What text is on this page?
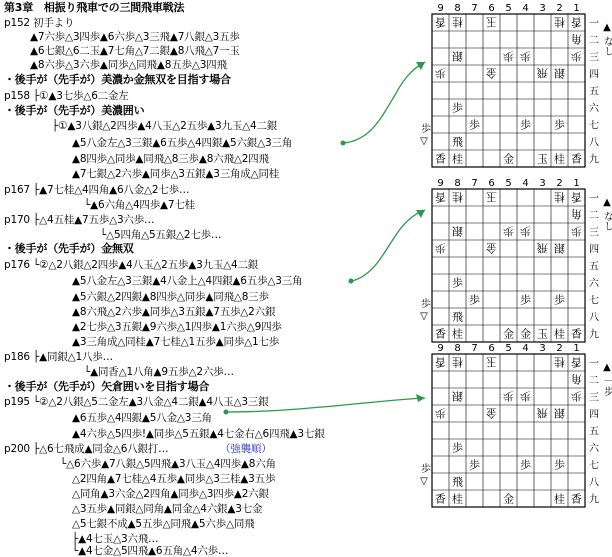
第3章　相振り飛車での三間飛車戦法
p152 初手より
▲7六歩△3四歩▲6六歩△3三飛▲7八銀△3五歩
▲6七銀△6二玉▲7七角△7二銀▲8八飛△7一玉
▲8六歩△3六歩▲同歩△同飛▲8五歩△3四飛
・後手が（先手が）美濃か金無双を目指す場合
p158 ├①▲3七歩△6二金左
・後手が（先手が）美濃囲い
├①▲3八銀△2四歩▲4八玉△2五歩▲3九玉△4二銀
▲5八金左△3三銀▲6五歩△4四銀▲5六銀△3三角
▲8四歩△同歩▲同飛△8三歩▲8六飛△2四飛
▲7七銀△2六歩▲同歩△3五銀▲3三角成△同桂
p167 ├▲7七桂△4四角▲6八金△2七歩…
└▲6六角△4四歩▲7七桂
p170 ├△4五桂▲7五歩△3六歩…
└△5四角△5五銀△2七歩…
・後手が（先手が）金無双
p176 └②△2八銀△2四歩▲4八玉△2五歩▲3九玉△4二銀
▲5八金左△3三銀▲4八金上△4四銀▲6五歩△3三角
▲5六銀△2四銀▲8四歩△同歩▲同飛△8三歩
▲8六飛△2六歩▲同歩△3五銀▲7五歩△2六銀
▲2七歩△3五銀▲9六歩△1四歩▲1六歩△9四歩
▲3三角成△同桂▲7七桂△1五歩▲同歩△1七歩
p186 ├▲同銀△1八歩…
└▲同香△1八角▲9五歩△2六歩…
・後手が（先手が）矢倉囲いを目指す場合
p195 └②△2八銀△5二金左▲3八金△4二銀▲4八玉△3三銀
▲6五歩△4四銀▲5八金△3三角
▲4六歩△5四歩!▲同歩△5五銀▲4七金右△6四飛▲3七銀
p200 ├△6七飛成▲同金△6八銀打…	（強襲順）
└△6六歩▲7八銀△5四飛▲3八玉△4四歩▲8六角
△2四角▲7七桂△4五歩▲同歩△3三桂▲3五歩
△同角▲3六金△2四角▲同歩△3四歩▲2六銀
△3五歩▲同銀△同角▲同金△4六銀▲3七金
△5七銀不成▲5五歩△同飛▲5六歩△同飛
├▲4七玉△3六飛…
└▲4七金△5四飛▲6五角△4六歩…
9 8 7 6 5 4 3 2 1
一
二
三
四
五
六
七
八
九
香 桂 玉	桂 香
角
銀	歩 歩	歩
歩	金	飛 銀
歩
歩	歩 歩
飛
香 桂	金 玉 桂 香
▲ なし
歩 ▽
9 8 7 6 5 4 3 2 1
一
二
三
四
五
六
七
八
九
香 桂 玉	桂 香
角
銀	歩 歩	歩
歩	金	飛 銀
歩
歩	歩 歩
飛
香 桂	金 金 玉 桂 香
▲ なし
歩 ▽
9 8 7 6 5 4 3 2 1
一
二
三
四
五
六
七
八
九
香 桂 玉	桂 香
角
銀	歩 歩	歩
歩	金	飛 銀
歩
歩	歩 歩
飛
香 桂	金	桂 香
▲ 一歩
歩 ▽
